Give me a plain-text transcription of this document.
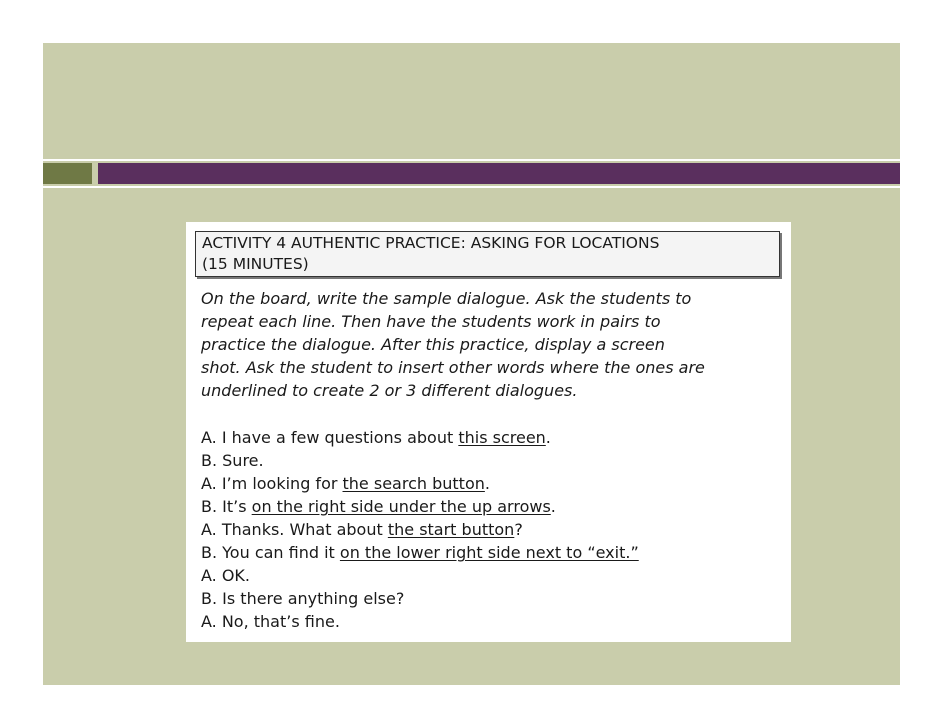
ACTIVITY 4 AUTHENTIC PRACTICE: ASKING FOR LOCATIONS
(15 MINUTES)
On the board, write the sample dialogue. Ask the students to
repeat each line. Then have the students work in pairs to
practice the dialogue. After this practice, display a screen
shot. Ask the student to insert other words where the ones are
underlined to create 2 or 3 different dialogues.
A. I have a few questions about this screen.
B. Sure.
A. I’m looking for the search button.
B. It’s on the right side under the up arrows.
A. Thanks. What about the start button?
B. You can find it on the lower right side next to “exit.”
A. OK.
B. Is there anything else?
A. No, that’s fine.
